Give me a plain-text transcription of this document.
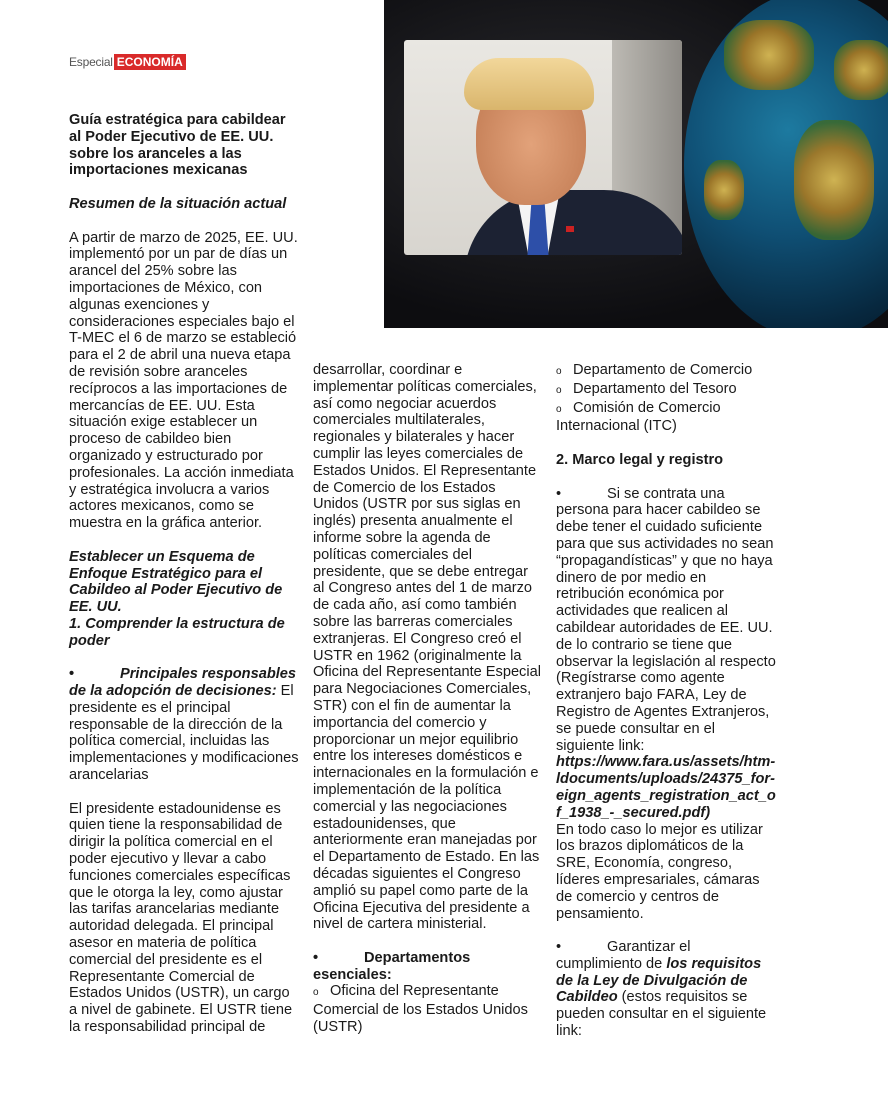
Especial ECONOMÍA

Guía estratégica para cabildear al Poder Ejecutivo de EE. UU. sobre los aranceles a las importaciones mexicanas

Resumen de la situación actual

A partir de marzo de 2025, EE. UU. implementó por un par de días un arancel del 25% sobre las importaciones de México, con algunas exenciones y consideraciones especiales bajo el T-MEC el 6 de marzo se estableció para el 2 de abril una nueva etapa de revisión sobre aranceles recíprocos a las importaciones de mercancías de EE. UU. Esta situación exige establecer un proceso de cabildeo bien organizado y estructurado por profesionales. La acción inmediata y estratégica involucra a varios actores mexicanos, como se muestra en la gráfica anterior.

Establecer un Esquema de Enfoque Estratégico para el Cabildeo al Poder Ejecutivo de EE. UU.

1. Comprender la estructura de poder

•	Principales responsables de la adopción de decisiones: El presidente es el principal responsable de la dirección de la política comercial, incluidas las implementaciones y modificaciones arancelarias

El presidente estadounidense es quien tiene la responsabilidad de dirigir la política comercial en el poder ejecutivo y llevar a cabo funciones comerciales específicas que le otorga la ley, como ajustar las tarifas arancelarias mediante autoridad delegada. El principal asesor en materia de política comercial del presidente es el Representante Comercial de Estados Unidos (USTR), un cargo a nivel de gabinete. El USTR tiene la responsabilidad principal de

desarrollar, coordinar e implementar políticas comerciales, así como negociar acuerdos comerciales multilaterales, regionales y bilaterales y hacer cumplir las leyes comerciales de Estados Unidos. El Representante de Comercio de los Estados Unidos (USTR por sus siglas en inglés) presenta anualmente el informe sobre la agenda de políticas comerciales del presidente, que se debe entregar al Congreso antes del 1 de marzo de cada año, así como también sobre las barreras comerciales extranjeras. El Congreso creó el USTR en 1962 (originalmente la Oficina del Representante Especial para Negociaciones Comerciales, STR) con el fin de aumentar la importancia del comercio y proporcionar un mejor equilibrio entre los intereses domésticos e internacionales en la formulación e implementación de la política comercial y las negociaciones estadounidenses, que anteriormente eran manejadas por el Departamento de Estado. En las décadas siguientes el Congreso amplió su papel como parte de la Oficina Ejecutiva del presidente a nivel de cartera ministerial.

•	Departamentos esenciales:

o Oficina del Representante Comercial de los Estados Unidos (USTR)

o Departamento de Comercio

o Departamento del Tesoro

o Comisión de Comercio Internacional (ITC)

2. Marco legal y registro

•	Si se contrata una persona para hacer cabildeo se debe tener el cuidado suficiente para que sus actividades no sean “propagandísticas” y que no haya dinero de por medio en retribución económica por actividades que realicen al cabildear autoridades de EE. UU. de lo contrario se tiene que observar la legislación al respecto (Regístrarse como agente extranjero bajo FARA, Ley de Registro de Agentes Extranjeros, se puede consultar en el siguiente link:

https://www.fara.us/assets/htm-ldocuments/uploads/24375_for-eign_agents_registration_act_of_1938_-_secured.pdf)

En todo caso lo mejor es utilizar los brazos diplomáticos de la SRE, Economía, congreso, líderes empresariales, cámaras de comercio y centros de pensamiento.

•	Garantizar el cumplimiento de los requisitos de la Ley de Divulgación de Cabildeo (estos requisitos se pueden consultar en el siguiente link:
